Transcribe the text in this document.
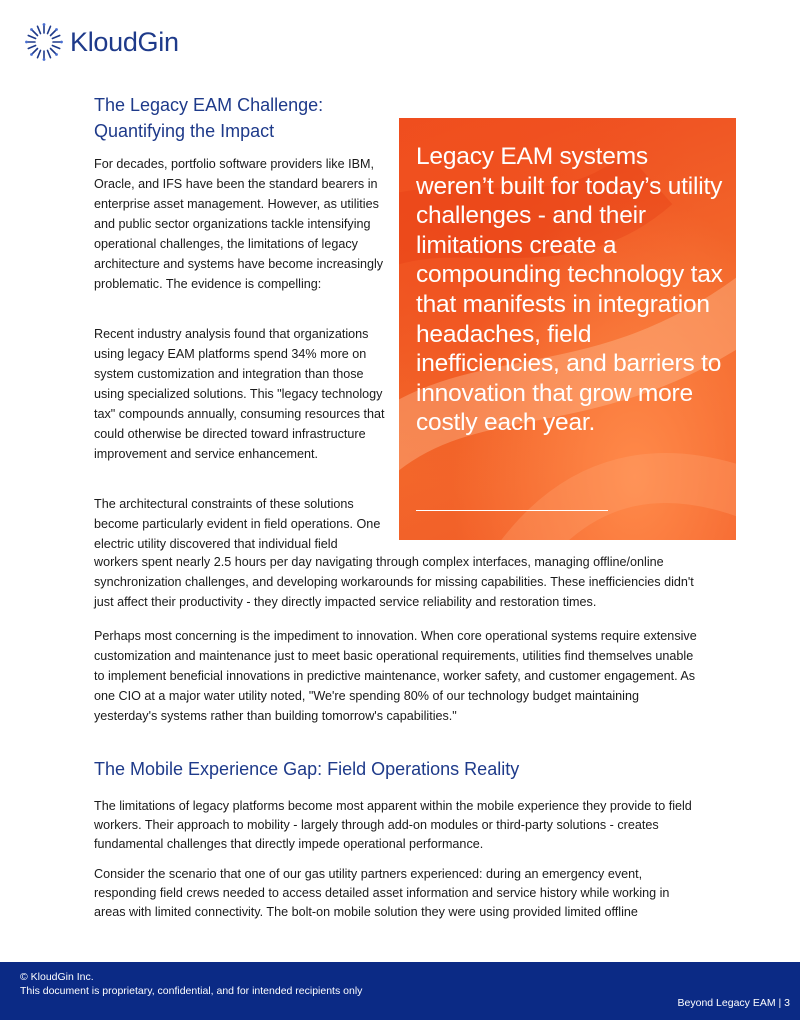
KloudGin
The Legacy EAM Challenge: Quantifying the Impact

For decades, portfolio software providers like IBM, Oracle, and IFS have been the standard bearers in enterprise asset management. However, as utilities and public sector organizations tackle intensifying operational challenges, the limitations of legacy architecture and systems have become increasingly problematic. The evidence is compelling:

Recent industry analysis found that organizations using legacy EAM platforms spend 34% more on system customization and integration than those using specialized solutions. This "legacy technology tax" compounds annually, consuming resources that could otherwise be directed toward infrastructure improvement and service enhancement.

The architectural constraints of these solutions become particularly evident in field operations. One electric utility discovered that individual field

workers spent nearly 2.5 hours per day navigating through complex interfaces, managing offline/online synchronization challenges, and developing workarounds for missing capabilities. These inefficiencies didn't just affect their productivity - they directly impacted service reliability and restoration times.

Perhaps most concerning is the impediment to innovation. When core operational systems require extensive customization and maintenance just to meet basic operational requirements, utilities find themselves unable to implement beneficial innovations in predictive maintenance, worker safety, and customer engagement. As one CIO at a major water utility noted, "We're spending 80% of our technology budget maintaining yesterday's systems rather than building tomorrow's capabilities."

Legacy EAM systems weren’t built for today’s utility challenges - and their limitations create a compounding technology tax that manifests in integration headaches, field inefficiencies, and barriers to innovation that grow more costly each year.

The Mobile Experience Gap: Field Operations Reality

The limitations of legacy platforms become most apparent within the mobile experience they provide to field workers. Their approach to mobility - largely through add-on modules or third-party solutions - creates fundamental challenges that directly impede operational performance.

Consider the scenario that one of our gas utility partners experienced: during an emergency event, responding field crews needed to access detailed asset information and service history while working in areas with limited connectivity. The bolt-on mobile solution they were using provided limited offline

© KloudGin Inc.
This document is proprietary, confidential, and for intended recipients only
Beyond Legacy EAM | 3
